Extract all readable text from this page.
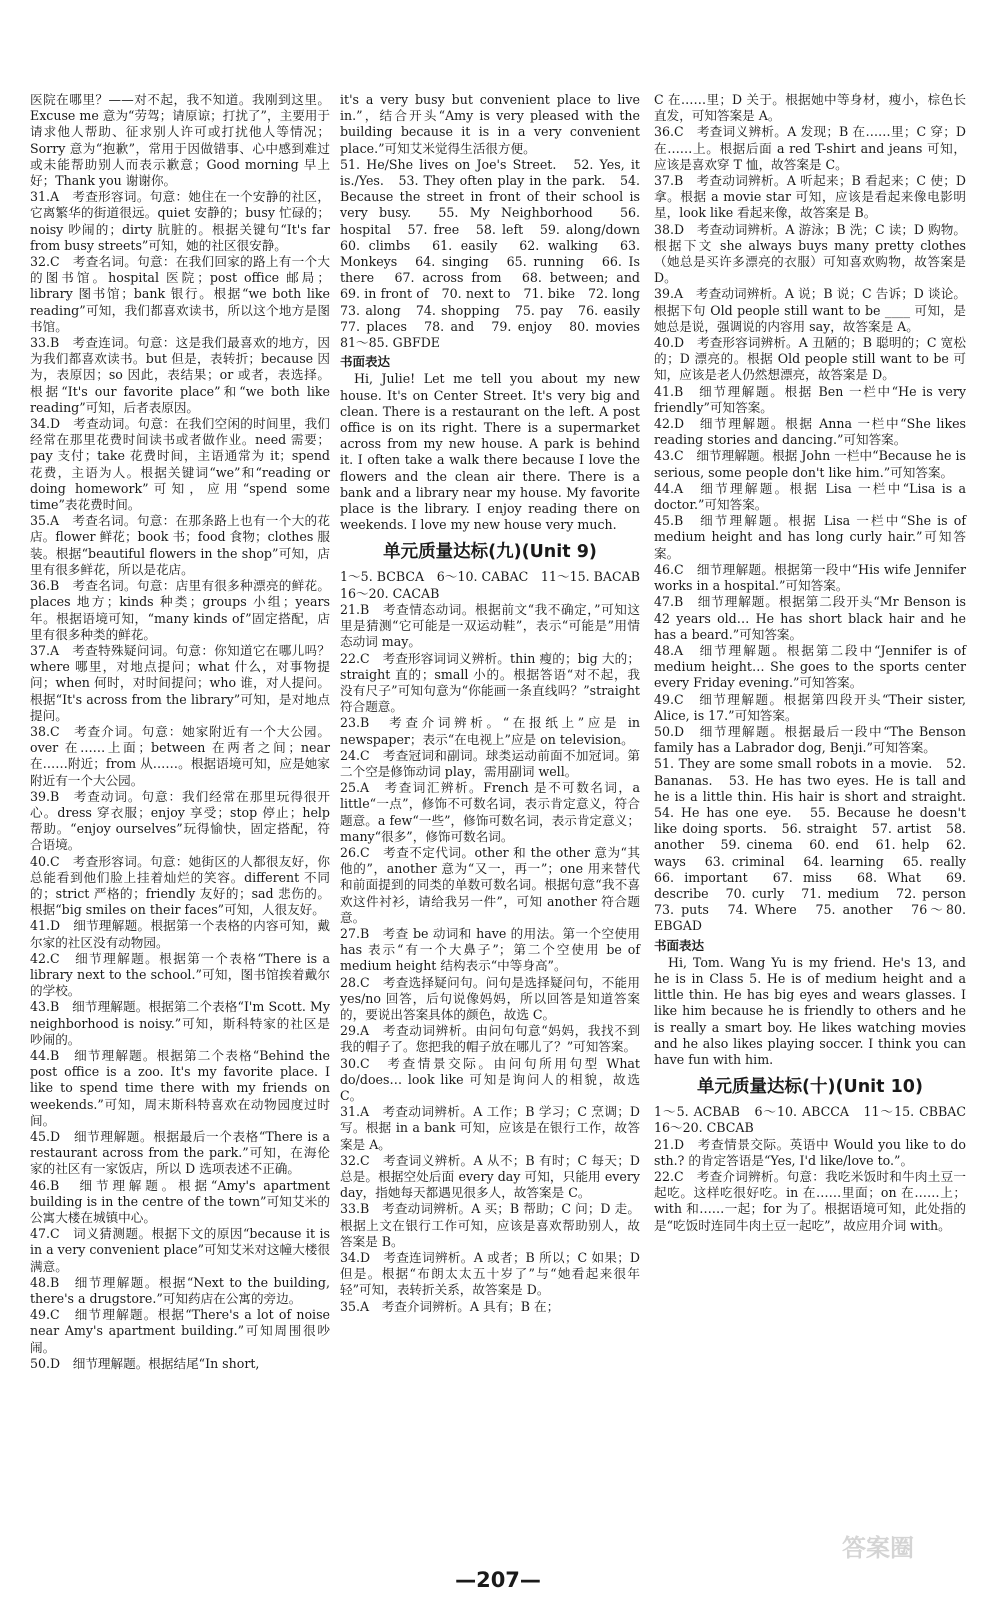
医院在哪里？——对不起，我不知道。我刚到这里。Excuse me 意为“劳驾；请原谅；打扰了”，主要用于请求他人帮助、征求别人许可或打扰他人等情况；Sorry 意为“抱歉”，常用于因做错事、心中感到难过或未能帮助别人而表示歉意；Good morning 早上好；Thank you 谢谢你。

31.A　考查形容词。句意：她住在一个安静的社区，它离繁华的街道很远。quiet 安静的；busy 忙碌的；noisy 吵闹的；dirty 肮脏的。根据关键句“It's far from busy streets”可知，她的社区很安静。

32.C　考查名词。句意：在我们回家的路上有一个大的图书馆。hospital 医院；post office 邮局；library 图书馆；bank 银行。根据“we both like reading”可知，我们都喜欢读书，所以这个地方是图书馆。

33.B　考查连词。句意：这是我们最喜欢的地方，因为我们都喜欢读书。but 但是，表转折；because 因为，表原因；so 因此，表结果；or 或者，表选择。根据“It's our favorite place”和“we both like reading”可知，后者表原因。

34.D　考查动词。句意：在我们空闲的时间里，我们经常在那里花费时间读书或者做作业。need 需要；pay 支付；take 花费时间，主语通常为 it；spend 花费，主语为人。根据关键词“we”和“reading or doing homework”可知，应用“spend some time”表花费时间。

35.A　考查名词。句意：在那条路上也有一个大的花店。flower 鲜花；book 书；food 食物；clothes 服装。根据“beautiful flowers in the shop”可知，店里有很多鲜花，所以是花店。

36.B　考查名词。句意：店里有很多种漂亮的鲜花。places 地方；kinds 种类；groups 小组；years 年。根据语境可知，“many kinds of”固定搭配，店里有很多种类的鲜花。

37.A　考查特殊疑问词。句意：你知道它在哪儿吗？where 哪里，对地点提问；what 什么，对事物提问；when 何时，对时间提问；who 谁，对人提问。根据“It's across from the library”可知，是对地点提问。

38.C　考查介词。句意：她家附近有一个大公园。over 在……上面；between 在两者之间；near 在……附近；from 从……。根据语境可知，应是她家附近有一个大公园。

39.B　考查动词。句意：我们经常在那里玩得很开心。dress 穿衣服；enjoy 享受；stop 停止；help 帮助。“enjoy ourselves”玩得愉快，固定搭配，符合语境。

40.C　考查形容词。句意：她街区的人都很友好，你总能看到他们脸上挂着灿烂的笑容。different 不同的；strict 严格的；friendly 友好的；sad 悲伤的。根据“big smiles on their faces”可知，人很友好。

41.D　细节理解题。根据第一个表格的内容可知，戴尔家的社区没有动物园。

42.C　细节理解题。根据第一个表格“There is a library next to the school.”可知，图书馆挨着戴尔的学校。

43.B　细节理解题。根据第二个表格“I'm Scott. My neighborhood is noisy.”可知，斯科特家的社区是吵闹的。

44.B　细节理解题。根据第二个表格“Behind the post office is a zoo. It's my favorite place. I like to spend time there with my friends on weekends.”可知，周末斯科特喜欢在动物园度过时间。

45.D　细节理解题。根据最后一个表格“There is a restaurant across from the park.”可知，在海伦家的社区有一家饭店，所以 D 选项表述不正确。

46.B　细节理解题。根据“Amy's apartment building is in the centre of the town”可知艾米的公寓大楼在城镇中心。

47.C　词义猜测题。根据下文的原因“because it is in a very convenient place”可知艾米对这幢大楼很满意。

48.B　细节理解题。根据“Next to the building, there's a drugstore.”可知药店在公寓的旁边。

49.C　细节理解题。根据“There's a lot of noise near Amy's apartment building.”可知周围很吵闹。

50.D　细节理解题。根据结尾“In short,

it's a very busy but convenient place to live in.”，结合开头“Amy is very pleased with the building because it is in a very convenient place.”可知艾米觉得生活很方便。

51. He/She lives on Joe's Street.　52. Yes, it is./Yes.　53. They often play in the park.　54. Because the street in front of their school is very busy.　55. My Neighborhood　56. hospital　57. free　58. left　59. along/down　60. climbs　61. easily　62. walking　63. Monkeys　64. singing　65. running　66. Is there　67. across from　68. between; and　69. in front of　70. next to　71. bike　72. long　73. along　74. shopping　75. pay　76. easily　77. places　78. and　79. enjoy　80. movies　81～85. GBFDE

书面表达

Hi, Julie! Let me tell you about my new house. It's on Center Street. It's very big and clean. There is a restaurant on the left. A post office is on its right. There is a supermarket across from my new house. A park is behind it. I often take a walk there because I love the flowers and the clean air there. There is a bank and a library near my house. My favorite place is the library. I enjoy reading there on weekends. I love my new house very much.

单元质量达标(九)(Unit 9)

1～5. BCBCA　6～10. CABAC　11～15. BACAB　16～20. CACAB

21.B　考查情态动词。根据前文“我不确定，”可知这里是猜测“它可能是一双运动鞋”，表示“可能是”用情态动词 may。

22.C　考查形容词词义辨析。thin 瘦的；big 大的；straight 直的；small 小的。根据答语“对不起，我没有尺子”可知句意为“你能画一条直线吗？”straight 符合题意。

23.B　考查介词辨析。“在报纸上”应是 in newspaper；表示“在电视上”应是 on television。

24.C　考查冠词和副词。球类运动前面不加冠词。第二个空是修饰动词 play，需用副词 well。

25.A　考查词汇辨析。French 是不可数名词，a little“一点”，修饰不可数名词，表示肯定意义，符合题意。a few“一些”，修饰可数名词，表示肯定意义；many“很多”，修饰可数名词。

26.C　考查不定代词。other 和 the other 意为“其他的”，another 意为“又一，再一”；one 用来替代和前面提到的同类的单数可数名词。根据句意“我不喜欢这件衬衫，请给我另一件”，可知 another 符合题意。

27.B　考查 be 动词和 have 的用法。第一个空使用 has 表示“有一个大鼻子”；第二个空使用 be of medium height 结构表示“中等身高”。

28.C　考查选择疑问句。问句是选择疑问句，不能用 yes/no 回答，后句说像妈妈，所以回答是知道答案的，要说出答案具体的颜色，故选 C。

29.A　考查动词辨析。由问句句意“妈妈，我找不到我的帽子了。您把我的帽子放在哪儿了？”可知答案。

30.C　考查情景交际。由问句所用句型 What do/does… look like 可知是询问人的相貌，故选 C。

31.A　考查动词辨析。A 工作；B 学习；C 烹调；D 写。根据 in a bank 可知，应该是在银行工作，故答案是 A。

32.C　考查词义辨析。A 从不；B 有时；C 每天；D 总是。根据空处后面 every day 可知，只能用 every day，指她每天都遇见很多人，故答案是 C。

33.B　考查动词辨析。A 买；B 帮助；C 问；D 走。根据上文在银行工作可知，应该是喜欢帮助别人，故答案是 B。

34.D　考查连词辨析。A 或者；B 所以；C 如果；D 但是。根据“布朗太太五十岁了”与“她看起来很年轻”可知，表转折关系，故答案是 D。

35.A　考查介词辨析。A 具有；B 在；

C 在……里；D 关于。根据她中等身材，瘦小，棕色长直发，可知答案是 A。

36.C　考查词义辨析。A 发现；B 在……里；C 穿；D 在……上。根据后面 a red T-shirt and jeans 可知，应该是喜欢穿 T 恤，故答案是 C。

37.B　考查动词辨析。A 听起来；B 看起来；C 使；D 拿。根据 a movie star 可知，应该是看起来像电影明星，look like 看起来像，故答案是 B。

38.D　考查动词辨析。A 游泳；B 洗；C 读；D 购物。根据下文 she always buys many pretty clothes（她总是买许多漂亮的衣服）可知喜欢购物，故答案是 D。

39.A　考查动词辨析。A 说；B 说；C 告诉；D 谈论。根据下句 Old people still want to be ____ 可知，是她总是说，强调说的内容用 say，故答案是 A。

40.D　考查形容词辨析。A 丑陋的；B 聪明的；C 宽松的；D 漂亮的。根据 Old people still want to be 可知，应该是老人仍然想漂亮，故答案是 D。

41.B　细节理解题。根据 Ben 一栏中“He is very friendly”可知答案。

42.D　细节理解题。根据 Anna 一栏中“She likes reading stories and dancing.”可知答案。

43.C　细节理解题。根据 John 一栏中“Because he is serious, some people don't like him.”可知答案。

44.A　细节理解题。根据 Lisa 一栏中“Lisa is a doctor.”可知答案。

45.B　细节理解题。根据 Lisa 一栏中“She is of medium height and has long curly hair.”可知答案。

46.C　细节理解题。根据第一段中“His wife Jennifer works in a hospital.”可知答案。

47.B　细节理解题。根据第二段开头“Mr Benson is 42 years old… He has short black hair and he has a beard.”可知答案。

48.A　细节理解题。根据第二段中“Jennifer is of medium height… She goes to the sports center every Friday evening.”可知答案。

49.C　细节理解题。根据第四段开头“Their sister, Alice, is 17.”可知答案。

50.D　细节理解题。根据最后一段中“The Benson family has a Labrador dog, Benji.”可知答案。

51. They are some small robots in a movie.　52. Bananas.　53. He has two eyes. He is tall and he is a little thin. His hair is short and straight.　54. He has one eye.　55. Because he doesn't like doing sports.　56. straight　57. artist　58. another　59. cinema　60. end　61. help　62. ways　63. criminal　64. learning　65. really　66. important　67. miss　68. What　69. describe　70. curly　71. medium　72. person　73. puts　74. Where　75. another　76～80. EBGAD

书面表达

Hi, Tom. Wang Yu is my friend. He's 13, and he is in Class 5. He is of medium height and a little thin. He has big eyes and wears glasses. I like him because he is friendly to others and he is really a smart boy. He likes watching movies and he also likes playing soccer. I think you can have fun with him.

单元质量达标(十)(Unit 10)

1～5. ACBAB　6～10. ABCCA　11～15. CBBAC　16～20. CBCAB

21.D　考查情景交际。英语中 Would you like to do sth.? 的肯定答语是“Yes, I'd like/love to.”。

22.C　考查介词辨析。句意：我吃米饭时和牛肉土豆一起吃。这样吃很好吃。in 在……里面；on 在……上；with 和……一起；for 为了。根据语境可知，此处指的是“吃饭时连同牛肉土豆一起吃”，故应用介词 with。

答案圈
—207—
